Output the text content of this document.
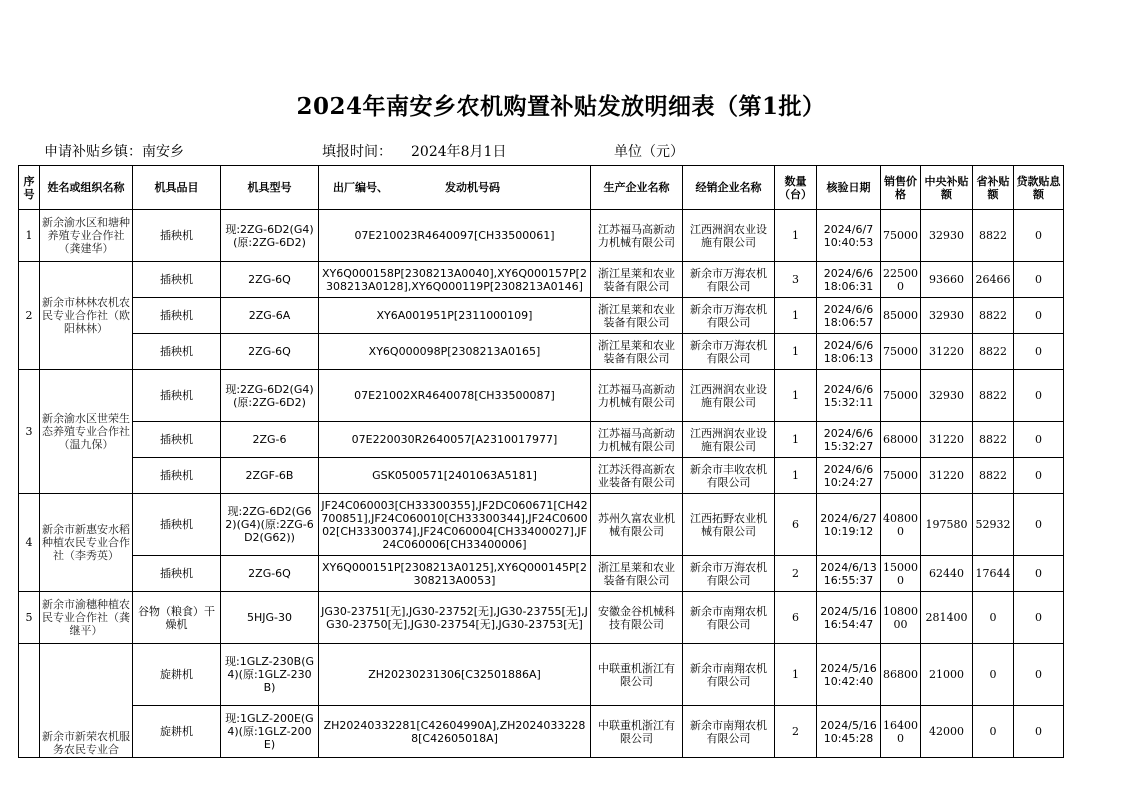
2024年南安乡农机购置补贴发放明细表（第1批）
申请补贴乡镇：南安乡	填报时间： 2024年8月1日	单位（元）
序号	姓名或组织名称	机具品目	机具型号	出厂编号、 发动机号码	生产企业名称	经销企业名称	数量（台）	核验日期	销售价格	中央补贴额	省补贴额	贷款贴息额
1	新余渝水区和塘种养殖专业合作社（龚建华）	插秧机	现:2ZG-6D2(G4)(原:2ZG-6D2)	07E210023R4640097[CH33500061]	江苏福马高新动力机械有限公司	江西洲润农业设施有限公司	1	2024/6/7 10:40:53	75000	32930	8822	0
2	新余市林林农机农民专业合作社（欧阳林林）	插秧机	2ZG-6Q	XY6Q000158P[2308213A0040],XY6Q000157P[2308213A0128],XY6Q000119P[2308213A0146]	浙江星莱和农业装备有限公司	新余市万海农机有限公司	3	2024/6/6 18:06:31	225000	93660	26466	0
		插秧机	2ZG-6A	XY6A001951P[2311000109]	浙江星莱和农业装备有限公司	新余市万海农机有限公司	1	2024/6/6 18:06:57	85000	32930	8822	0
		插秧机	2ZG-6Q	XY6Q000098P[2308213A0165]	浙江星莱和农业装备有限公司	新余市万海农机有限公司	1	2024/6/6 18:06:13	75000	31220	8822	0
3	新余渝水区世荣生态养殖专业合作社（温九保）	插秧机	现:2ZG-6D2(G4)(原:2ZG-6D2)	07E21002XR4640078[CH33500087]	江苏福马高新动力机械有限公司	江西洲润农业设施有限公司	1	2024/6/6 15:32:11	75000	32930	8822	0
		插秧机	2ZG-6	07E220030R2640057[A2310017977]	江苏福马高新动力机械有限公司	江西洲润农业设施有限公司	1	2024/6/6 15:32:27	68000	31220	8822	0
		插秧机	2ZGF-6B	GSK0500571[2401063A5181]	江苏沃得高新农业装备有限公司	新余市丰收农机有限公司	1	2024/6/6 10:24:27	75000	31220	8822	0
4	新余市新惠安水稻种植农民专业合作社（李秀英）	插秧机	现:2ZG-6D2(G62)(G4)(原:2ZG-6D2(G62))	JF24C060003[CH33300355],JF2DC060671[CH42700851],JF24C060010[CH33300344],JF24C060002[CH33300374],JF24C060004[CH33400027],JF24C060006[CH33400006]	苏州久富农业机械有限公司	江西拓野农业机械有限公司	6	2024/6/27 10:19:12	408000	197580	52932	0
		插秧机	2ZG-6Q	XY6Q000151P[2308213A0125],XY6Q000145P[2308213A0053]	浙江星莱和农业装备有限公司	新余市万海农机有限公司	2	2024/6/13 16:55:37	150000	62440	17644	0
5	新余市渝穗种植农民专业合作社（龚继平）	谷物（粮食）干燥机	5HJG-30	JG30-23751[无],JG30-23752[无],JG30-23755[无],JG30-23750[无],JG30-23754[无],JG30-23753[无]	安徽金谷机械科技有限公司	新余市南翔农机有限公司	6	2024/5/16 16:54:47	1080000	281400	0	0
	新余市新荣农机服务农民专业合	旋耕机	现:1GLZ-230B(G4)(原:1GLZ-230B)	ZH20230231306[C32501886A]	中联重机浙江有限公司	新余市南翔农机有限公司	1	2024/5/16 10:42:40	86800	21000	0	0
		旋耕机	现:1GLZ-200E(G4)(原:1GLZ-200E)	ZH20240332281[C42604990A],ZH20240332288[C42605018A]	中联重机浙江有限公司	新余市南翔农机有限公司	2	2024/5/16 10:45:28	164000	42000	0	0
